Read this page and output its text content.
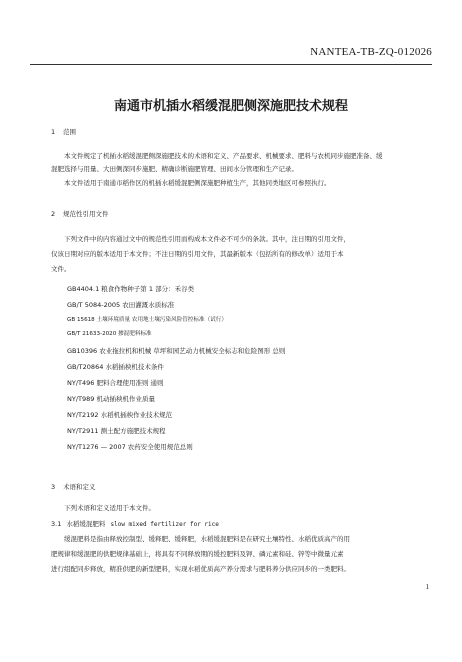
NANTEA-TB-ZQ-012026
南通市机插水稻缓混肥侧深施肥技术规程
1 范围
本文件规定了机插水稻缓混肥侧深施肥技术的术语和定义、产品要求、机械要求、肥料与农机同步施肥准备、缓
混肥选择与用量、大田侧深同步施肥、精确诊断施肥管理、田间水分管理和生产记录。
本文件适用于南通市稻作区的机插水稻缓混肥侧深施肥种植生产，其他同类地区可参照执行。
2 规范性引用文件
下列文件中的内容通过文中的规范性引用而构成本文件必不可少的条款。其中，注日期的引用文件，
仅该日期对应的版本适用于本文件；不注日期的引用文件，其最新版本（包括所有的修改单）适用于本
文件。
GB4404.1 粮食作物种子第 1 部分：禾谷类
GB/T 5084-2005 农田灌溉水质标准
GB 15618 土壤环境质量 农用地土壤污染风险管控标准（试行）
GB/T 21633-2020 掺混肥料标准
GB10396 农业拖拉机和机械 草坪和园艺动力机械安全标志和危险图形 总则
GB/T20864 水稻插秧机技术条件
NY/T496 肥料合理使用准则 通则
NY/T989 机动插秧机作业质量
NY/T2192 水稻机插秧作业技术规范
NY/T2911 测土配方施肥技术规程
NY/T1276 — 2007 农药安全使用规范总则
3 术语和定义
下列术语和定义适用于本文件。
3.1 水稻缓混肥料 slow mixed fertilizer for rice
缓混肥料是指由释放控制型、缓释肥、缓释肥，水稻缓混肥料是在研究土壤特性、水稻优质高产的用
肥规律和缓混肥的供肥规律基础上，将具有不同释放期的缓控肥料及钾、磷元素和硅、锌等中微量元素
进行组配同步释放，精准供肥的新型肥料，实现水稻优质高产养分需求与肥料养分供应同步的一类肥料。
1
